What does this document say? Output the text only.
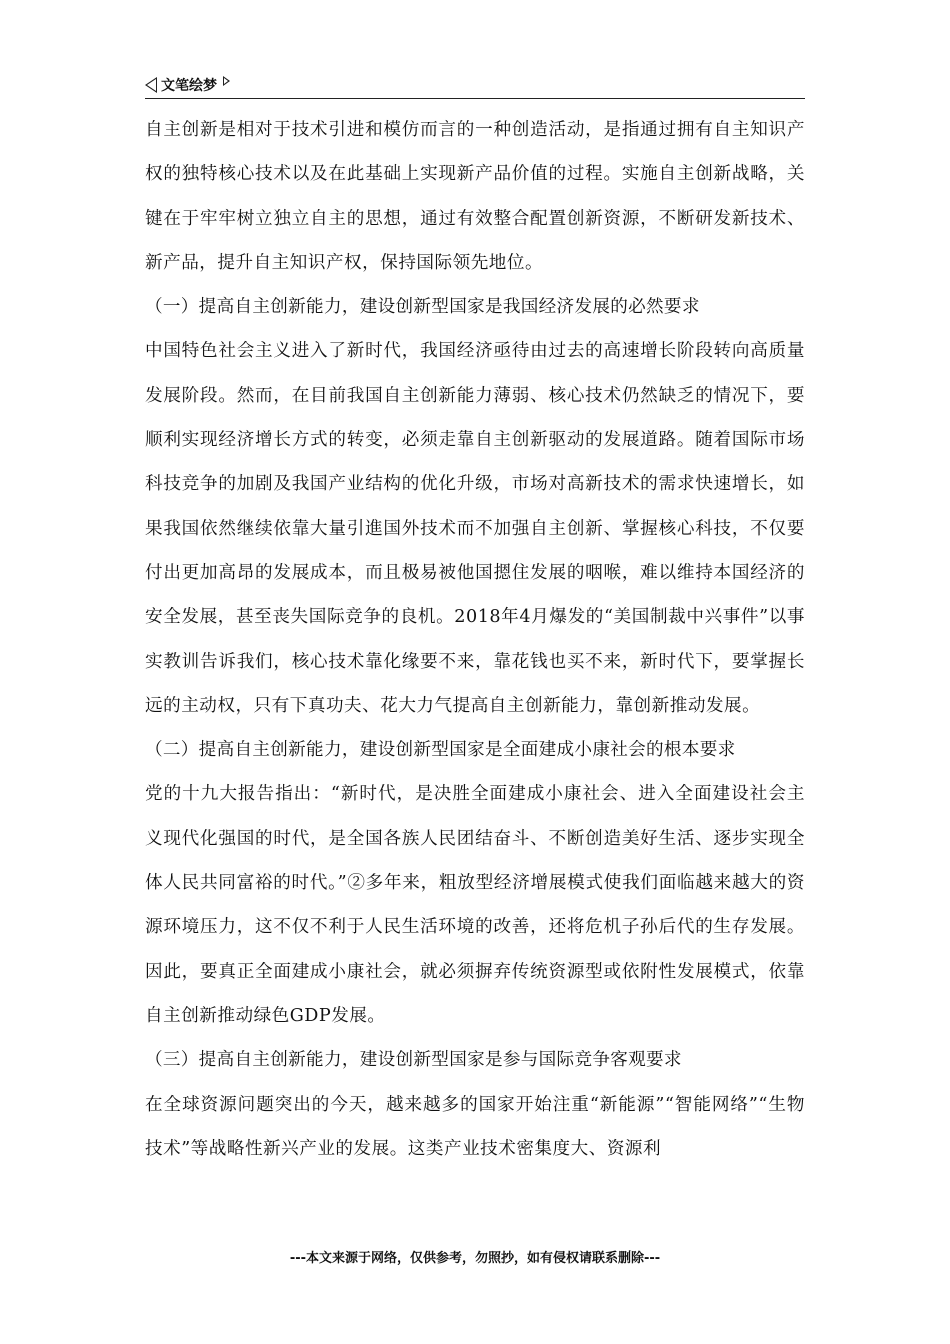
文笔绘梦

自主创新是相对于技术引进和模仿而言的一种创造活动，是指通过拥有自主知识产权的独特核心技术以及在此基础上实现新产品价值的过程。实施自主创新战略，关键在于牢牢树立独立自主的思想，通过有效整合配置创新资源，不断研发新技术、新产品，提升自主知识产权，保持国际领先地位。

（一）提高自主创新能力，建设创新型国家是我国经济发展的必然要求

中国特色社会主义进入了新时代，我国经济亟待由过去的高速增长阶段转向高质量发展阶段。然而，在目前我国自主创新能力薄弱、核心技术仍然缺乏的情况下，要顺利实现经济增长方式的转变，必须走靠自主创新驱动的发展道路。随着国际市场科技竞争的加剧及我国产业结构的优化升级，市场对高新技术的需求快速增长，如果我国依然继续依靠大量引進国外技术而不加强自主创新、掌握核心科技，不仅要付出更加高昂的发展成本，而且极易被他国摁住发展的咽喉，难以维持本国经济的安全发展，甚至丧失国际竞争的良机。2018年4月爆发的“美国制裁中兴事件”以事实教训告诉我们，核心技术靠化缘要不来，靠花钱也买不来，新时代下，要掌握长远的主动权，只有下真功夫、花大力气提高自主创新能力，靠创新推动发展。

（二）提高自主创新能力，建设创新型国家是全面建成小康社会的根本要求

党的十九大报告指出：“新时代，是决胜全面建成小康社会、进入全面建设社会主义现代化强国的时代，是全国各族人民团结奋斗、不断创造美好生活、逐步实现全体人民共同富裕的时代。”②多年来，粗放型经济增展模式使我们面临越来越大的资源环境压力，这不仅不利于人民生活环境的改善，还将危机子孙后代的生存发展。因此，要真正全面建成小康社会，就必须摒弃传统资源型或依附性发展模式，依靠自主创新推动绿色GDP发展。

（三）提高自主创新能力，建设创新型国家是参与国际竞争客观要求

在全球资源问题突出的今天，越来越多的国家开始注重“新能源”“智能网络”“生物技术”等战略性新兴产业的发展。这类产业技术密集度大、资源利

---本文来源于网络，仅供参考，勿照抄，如有侵权请联系删除---
